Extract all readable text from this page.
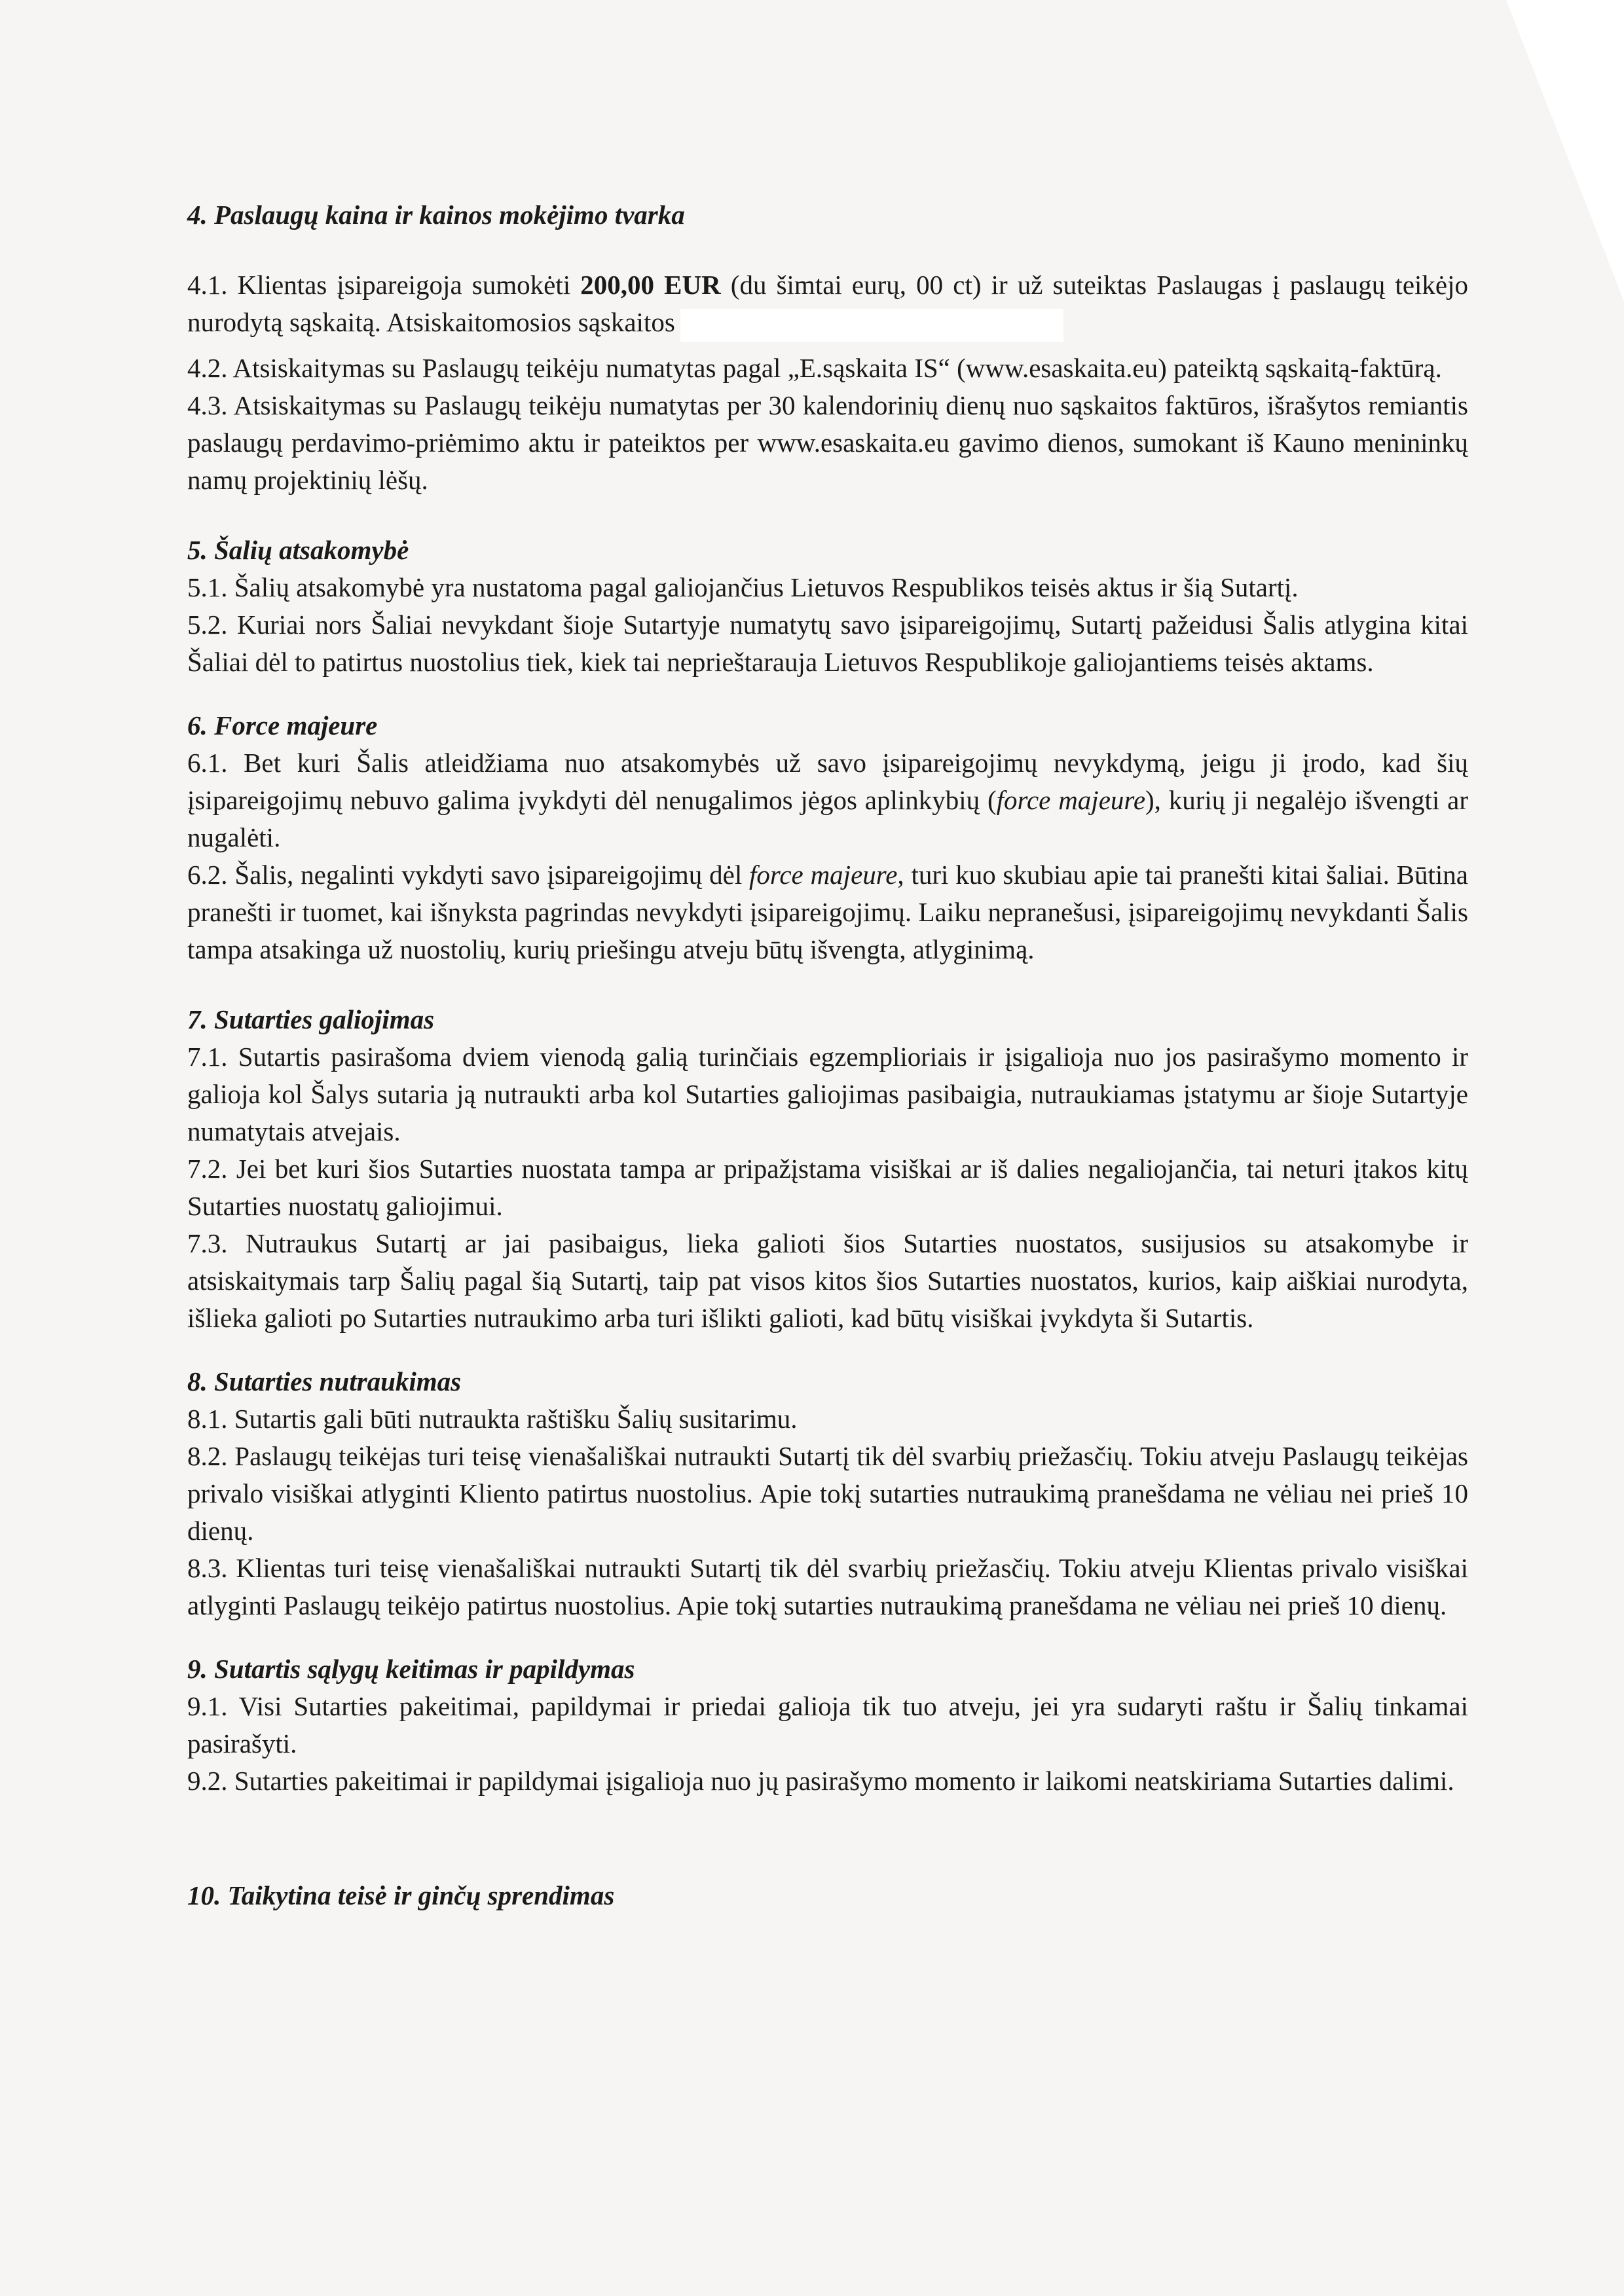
4. Paslaugų kaina ir kainos mokėjimo tvarka

4.1. Klientas įsipareigoja sumokėti 200,00 EUR (du šimtai eurų, 00 ct) ir už suteiktas Paslaugas į paslaugų teikėjo nurodytą sąskaitą. Atsiskaitomosios sąskaitos

4.2. Atsiskaitymas su Paslaugų teikėju numatytas pagal „E.sąskaita IS“ (www.esaskaita.eu) pateiktą sąskaitą-faktūrą.

4.3. Atsiskaitymas su Paslaugų teikėju numatytas per 30 kalendorinių dienų nuo sąskaitos faktūros, išrašytos remiantis paslaugų perdavimo-priėmimo aktu ir pateiktos per www.esaskaita.eu gavimo dienos, sumokant iš Kauno menininkų namų projektinių lėšų.

5. Šalių atsakomybė

5.1. Šalių atsakomybė yra nustatoma pagal galiojančius Lietuvos Respublikos teisės aktus ir šią Sutartį.

5.2. Kuriai nors Šaliai nevykdant šioje Sutartyje numatytų savo įsipareigojimų, Sutartį pažeidusi Šalis atlygina kitai Šaliai dėl to patirtus nuostolius tiek, kiek tai neprieštarauja Lietuvos Respublikoje galiojantiems teisės aktams.

6. Force majeure

6.1. Bet kuri Šalis atleidžiama nuo atsakomybės už savo įsipareigojimų nevykdymą, jeigu ji įrodo, kad šių įsipareigojimų nebuvo galima įvykdyti dėl nenugalimos jėgos aplinkybių (force majeure), kurių ji negalėjo išvengti ar nugalėti.

6.2. Šalis, negalinti vykdyti savo įsipareigojimų dėl force majeure, turi kuo skubiau apie tai pranešti kitai šaliai. Būtina pranešti ir tuomet, kai išnyksta pagrindas nevykdyti įsipareigojimų. Laiku nepranešusi, įsipareigojimų nevykdanti Šalis tampa atsakinga už nuostolių, kurių priešingu atveju būtų išvengta, atlyginimą.

7. Sutarties galiojimas

7.1. Sutartis pasirašoma dviem vienodą galią turinčiais egzemplioriais ir įsigalioja nuo jos pasirašymo momento ir galioja kol Šalys sutaria ją nutraukti arba kol Sutarties galiojimas pasibaigia, nutraukiamas įstatymu ar šioje Sutartyje numatytais atvejais.

7.2. Jei bet kuri šios Sutarties nuostata tampa ar pripažįstama visiškai ar iš dalies negaliojančia, tai neturi įtakos kitų Sutarties nuostatų galiojimui.

7.3. Nutraukus Sutartį ar jai pasibaigus, lieka galioti šios Sutarties nuostatos, susijusios su atsakomybe ir atsiskaitymais tarp Šalių pagal šią Sutartį, taip pat visos kitos šios Sutarties nuostatos, kurios, kaip aiškiai nurodyta, išlieka galioti po Sutarties nutraukimo arba turi išlikti galioti, kad būtų visiškai įvykdyta ši Sutartis.

8. Sutarties nutraukimas

8.1. Sutartis gali būti nutraukta raštišku Šalių susitarimu.

8.2. Paslaugų teikėjas turi teisę vienašališkai nutraukti Sutartį tik dėl svarbių priežasčių. Tokiu atveju Paslaugų teikėjas privalo visiškai atlyginti Kliento patirtus nuostolius. Apie tokį sutarties nutraukimą pranešdama ne vėliau nei prieš 10 dienų.

8.3. Klientas turi teisę vienašališkai nutraukti Sutartį tik dėl svarbių priežasčių. Tokiu atveju Klientas privalo visiškai atlyginti Paslaugų teikėjo patirtus nuostolius. Apie tokį sutarties nutraukimą pranešdama ne vėliau nei prieš 10 dienų.

9. Sutartis sąlygų keitimas ir papildymas

9.1. Visi Sutarties pakeitimai, papildymai ir priedai galioja tik tuo atveju, jei yra sudaryti raštu ir Šalių tinkamai pasirašyti.

9.2. Sutarties pakeitimai ir papildymai įsigalioja nuo jų pasirašymo momento ir laikomi neatskiriama Sutarties dalimi.

10. Taikytina teisė ir ginčų sprendimas
